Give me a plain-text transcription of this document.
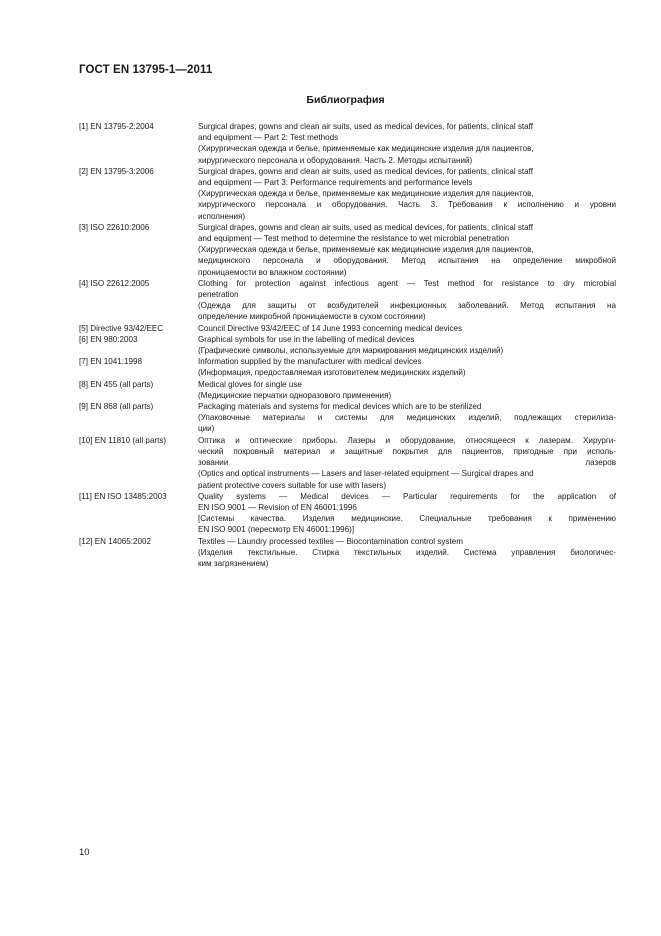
ГОСТ EN 13795-1—2011

Библиография
[1] EN 13795-2:2004	Surgical drapes, gowns and clean air suits, used as medical devices, for patients, clinical staff
and equipment — Part 2: Test methods
(Хирургическая одежда и белье, применяемые как медицинские изделия для пациентов,
хирургического персонала и оборудования. Часть 2. Методы испытаний)
[2] EN 13795-3:2006	Surgical drapes, gowns and clean air suits, used as medical devices, for patients, clinical staff
and equipment — Part 3: Performance requirements and performance levels
(Хирургическая одежда и белье, применяемые как медицинские изделия для пациентов,
хирургического персонала и оборудования. Часть 3. Требования к исполнению и уровни
исполнения)
[3] ISO 22610:2006	Surgical drapes, gowns and clean air suits, used as medical devices, for patients, clinical staff
and equipment — Test method to determine the resistance to wet microbial penetration
(Хирургическая одежда и белье, применяемые как медицинские изделия для пациентов,
медицинского персонала и оборудования. Метод испытания на определение микробной
проницаемости во влажном состоянии)
[4] ISO 22612:2005	Clothing for protection against infectious agent — Test method for resistance to dry microbial
penetration
(Одежда для защиты от возбудителей инфекционных заболеваний. Метод испытания на
определение микробной проницаемости в сухом состоянии)
[5] Directive 93/42/EEC	Council Directive 93/42/EEC of 14 June 1993 concerning medical devices
[6] EN 980:2003	Graphical symbols for use in the labelling of medical devices
(Графические символы, используемые для маркирования медицинских изделий)
[7] EN 1041:1998	Information supplied by the manufacturer with medical devices
(Информация, предоставляемая изготовителем медицинских изделий)
[8] EN 455 (all parts)	Medical gloves for single use
(Медицинские перчатки одноразового применения)
[9] EN 868 (all parts)	Packaging materials and systems for medical devices which are to be sterilized
(Упаковочные материалы и системы для медицинских изделий, подлежащих стерилиза-
ции)
[10] EN 11810 (all parts)	Оптика и оптические приборы. Лазеры и оборудование, относящееся к лазерам. Хирурги-
ческий покровный материал и защитные покрытия для пациентов, пригодные при исполь-
зовании лазеров
(Optics and optical instruments — Lasers and laser-related equipment — Surgical drapes and
patient protective covers suitable for use with lasers)
[11] EN ISO 13485:2003	Quality systems — Medical devices — Particular requirements for the application of
EN ISO 9001 — Revision of EN 46001:1996
[Системы качества. Изделия медицинские. Специальные требования к применению
EN ISO 9001 (пересмотр EN 46001:1996)]
[12] EN 14065:2002	Textiles — Laundry processed textiles — Biocontamination control system
(Изделия текстильные. Стирка текстильных изделий. Система управления биологичес-
ким загрязнением)

10
